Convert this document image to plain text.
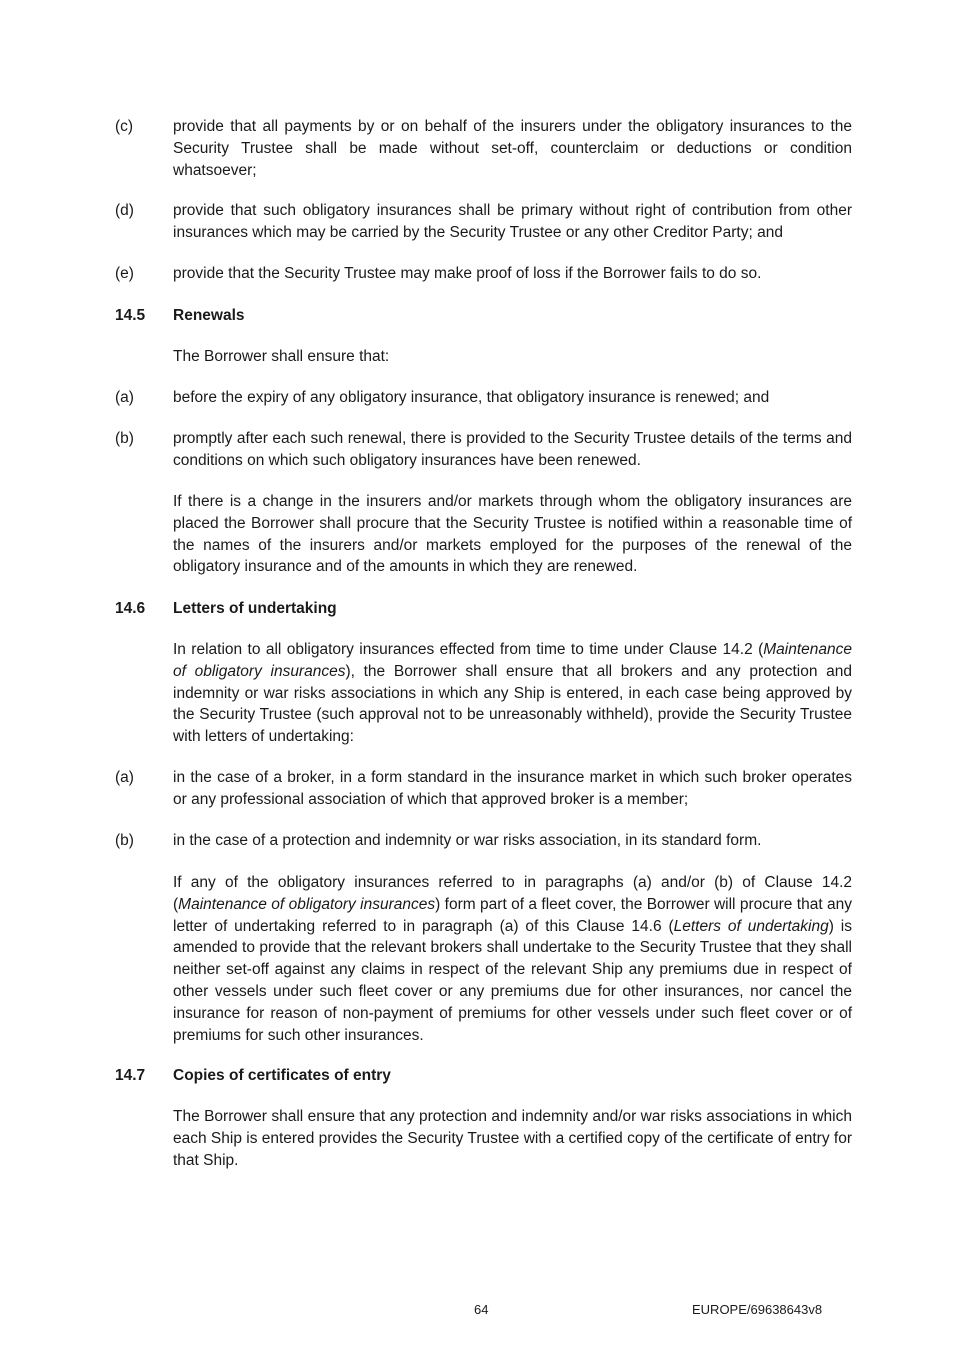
(c)	provide that all payments by or on behalf of the insurers under the obligatory insurances to the Security Trustee shall be made without set-off, counterclaim or deductions or condition whatsoever;
(d)	provide that such obligatory insurances shall be primary without right of contribution from other insurances which may be carried by the Security Trustee or any other Creditor Party; and
(e)	provide that the Security Trustee may make proof of loss if the Borrower fails to do so.
14.5	Renewals
The Borrower shall ensure that:
(a)	before the expiry of any obligatory insurance, that obligatory insurance is renewed; and
(b)	promptly after each such renewal, there is provided to the Security Trustee details of the terms and conditions on which such obligatory insurances have been renewed.
If there is a change in the insurers and/or markets through whom the obligatory insurances are placed the Borrower shall procure that the Security Trustee is notified within a reasonable time of the names of the insurers and/or markets employed for the purposes of the renewal of the obligatory insurance and of the amounts in which they are renewed.
14.6	Letters of undertaking
In relation to all obligatory insurances effected from time to time under Clause 14.2 (Maintenance of obligatory insurances), the Borrower shall ensure that all brokers and any protection and indemnity or war risks associations in which any Ship is entered, in each case being approved by the Security Trustee (such approval not to be unreasonably withheld), provide the Security Trustee with letters of undertaking:
(a)	in the case of a broker, in a form standard in the insurance market in which such broker operates or any professional association of which that approved broker is a member;
(b)	in the case of a protection and indemnity or war risks association, in its standard form.
If any of the obligatory insurances referred to in paragraphs (a) and/or (b) of Clause 14.2 (Maintenance of obligatory insurances) form part of a fleet cover, the Borrower will procure that any letter of undertaking referred to in paragraph (a) of this Clause 14.6 (Letters of undertaking) is amended to provide that the relevant brokers shall undertake to the Security Trustee that they shall neither set-off against any claims in respect of the relevant Ship any premiums due in respect of other vessels under such fleet cover or any premiums due for other insurances, nor cancel the insurance for reason of non-payment of premiums for other vessels under such fleet cover or of premiums for such other insurances.
14.7	Copies of certificates of entry
The Borrower shall ensure that any protection and indemnity and/or war risks associations in which each Ship is entered provides the Security Trustee with a certified copy of the certificate of entry for that Ship.
64	EUROPE/69638643v8
